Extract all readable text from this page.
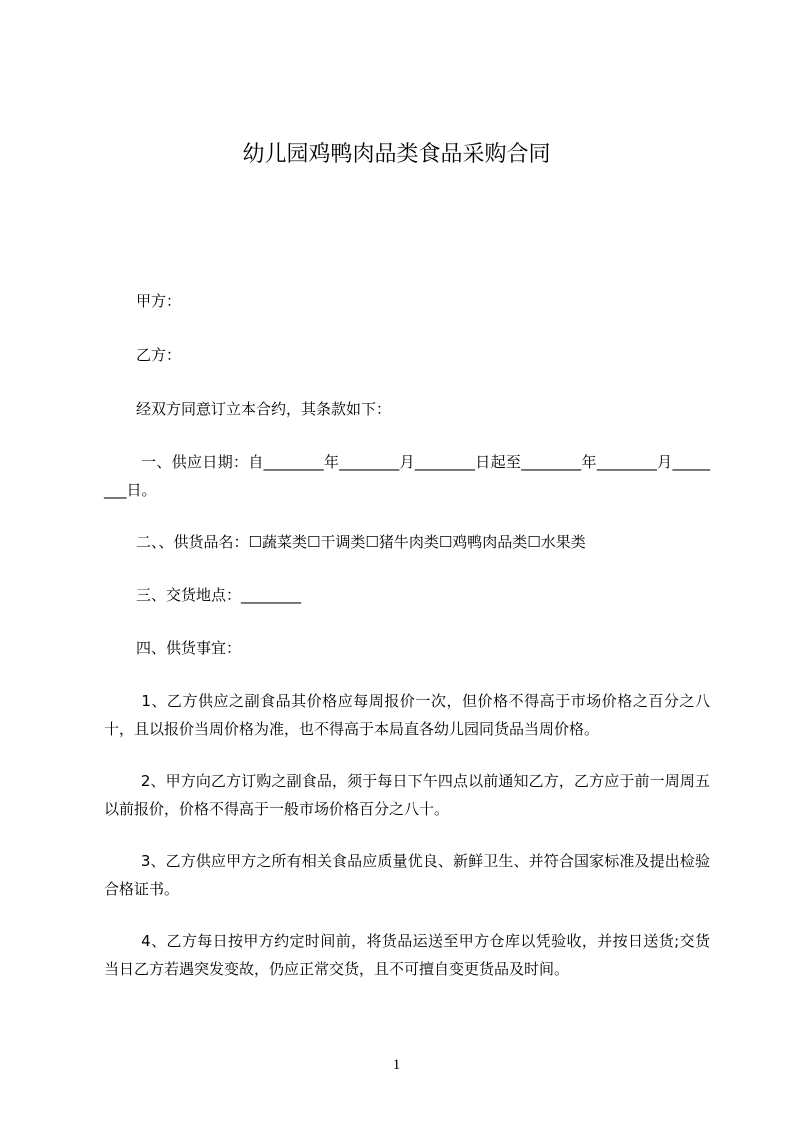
幼儿园鸡鸭肉品类食品采购合同

甲方：

乙方：

经双方同意订立本合约，其条款如下：

一、供应日期：自________年________月________日起至________年________月________日。

二、、供货品名：☐蔬菜类☐干调类☐猪牛肉类☐鸡鸭肉品类☐水果类

三、交货地点：________

四、供货事宜：

1、乙方供应之副食品其价格应每周报价一次，但价格不得高于市场价格之百分之八十，且以报价当周价格为准，也不得高于本局直各幼儿园同货品当周价格。

2、甲方向乙方订购之副食品，须于每日下午四点以前通知乙方，乙方应于前一周周五以前报价，价格不得高于一般市场价格百分之八十。

3、乙方供应甲方之所有相关食品应质量优良、新鲜卫生、并符合国家标准及提出检验合格证书。

4、乙方每日按甲方约定时间前，将货品运送至甲方仓库以凭验收，并按日送货;交货当日乙方若遇突发变故，仍应正常交货，且不可擅自变更货品及时间。

1
